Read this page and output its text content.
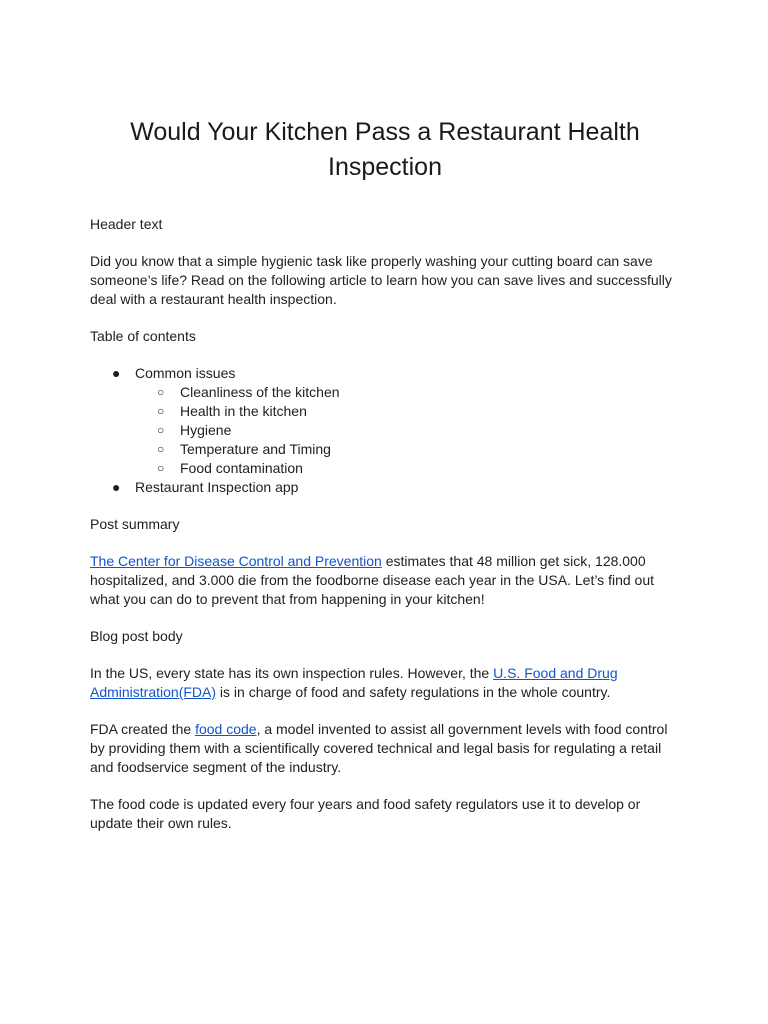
Would Your Kitchen Pass a Restaurant Health Inspection

Header text

Did you know that a simple hygienic task like properly washing your cutting board can save someone’s life? Read on the following article to learn how you can save lives and successfully deal with a restaurant health inspection.

Table of contents

● Common issues
○ Cleanliness of the kitchen
○ Health in the kitchen
○ Hygiene
○ Temperature and Timing
○ Food contamination
● Restaurant Inspection app

Post summary

The Center for Disease Control and Prevention estimates that 48 million get sick, 128.000 hospitalized, and 3.000 die from the foodborne disease each year in the USA. Let’s find out what you can do to prevent that from happening in your kitchen!

Blog post body

In the US, every state has its own inspection rules. However, the U.S. Food and Drug Administration(FDA) is in charge of food and safety regulations in the whole country.

FDA created the food code, a model invented to assist all government levels with food control by providing them with a scientifically covered technical and legal basis for regulating a retail and foodservice segment of the industry.

The food code is updated every four years and food safety regulators use it to develop or update their own rules.
